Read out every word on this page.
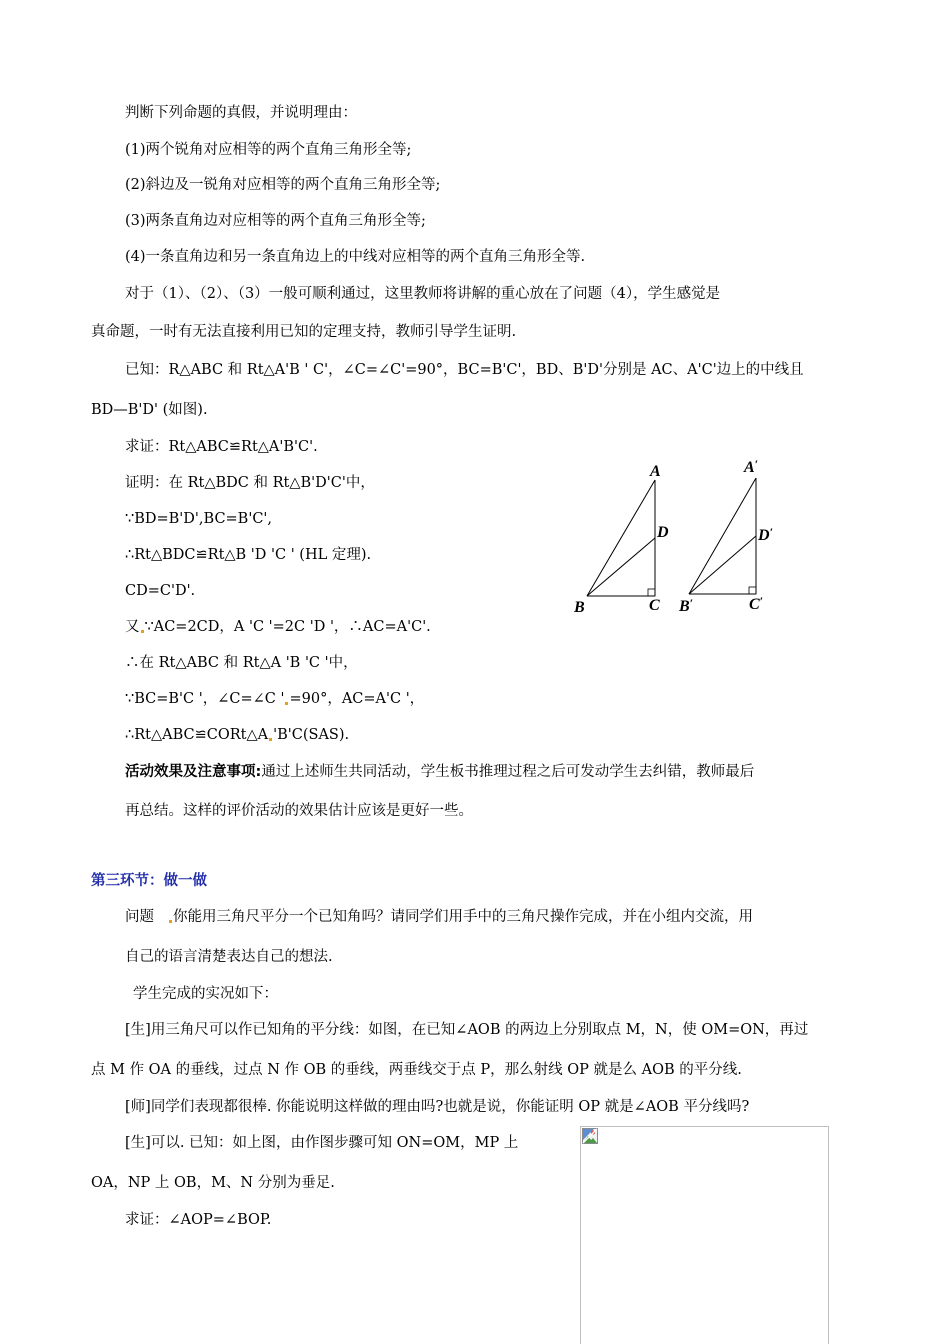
判断下列命题的真假，并说明理由：
(1)两个锐角对应相等的两个直角三角形全等;
(2)斜边及一锐角对应相等的两个直角三角形全等;
(3)两条直角边对应相等的两个直角三角形全等;
(4)一条直角边和另一条直角边上的中线对应相等的两个直角三角形全等.
对于（1）、（2）、（3）一般可顺利通过，这里教师将讲解的重心放在了问题（4），学生感觉是
真命题，一时有无法直接利用已知的定理支持，教师引导学生证明.
已知：R△ABC 和 Rt△A'B ' C'，∠C=∠C'=90°，BC=B'C'，BD、B'D'分别是 AC、A'C'边上的中线且
BD—B'D' (如图).
求证：Rt△ABC≌Rt△A'B'C'.
证明：在 Rt△BDC 和 Rt△B'D'C'中，
∵BD=B'D',BC=B'C',
∴Rt△BDC≌Rt△B 'D 'C ' (HL 定理).
CD=C'D'.
又 ∵AC=2CD，A 'C '=2C 'D '，∴AC=A'C'.
∴在 Rt△ABC 和 Rt△A 'B 'C '中，
∵BC=B'C '，∠C=∠C ' =90°，AC=A'C '，
∴Rt△ABC≌CORt△A 'B'C(SAS).
活动效果及注意事项:通过上述师生共同活动，学生板书推理过程之后可发动学生去纠错，教师最后
再总结。这样的评价活动的效果估计应该是更好一些。
第三环节：做一做
问题 你能用三角尺平分一个已知角吗？请同学们用手中的三角尺操作完成，并在小组内交流，用
自己的语言清楚表达自己的想法.
学生完成的实况如下：
[生]用三角尺可以作已知角的平分线：如图，在已知∠AOB 的两边上分别取点 M，N，使 OM=ON，再过
点 M 作 OA 的垂线，过点 N 作 OB 的垂线，两垂线交于点 P，那么射线 OP 就是么 AOB 的平分线.
[师]同学们表现都很棒. 你能说明这样做的理由吗?也就是说，你能证明 OP 就是∠AOB 平分线吗?
[生]可以. 已知：如上图，由作图步骤可知 ON=OM，MP 上
OA，NP 上 OB，M、N 分别为垂足.
求证：∠AOP=∠BOP.
A
D
B	C
A′
D′
B′	C′
